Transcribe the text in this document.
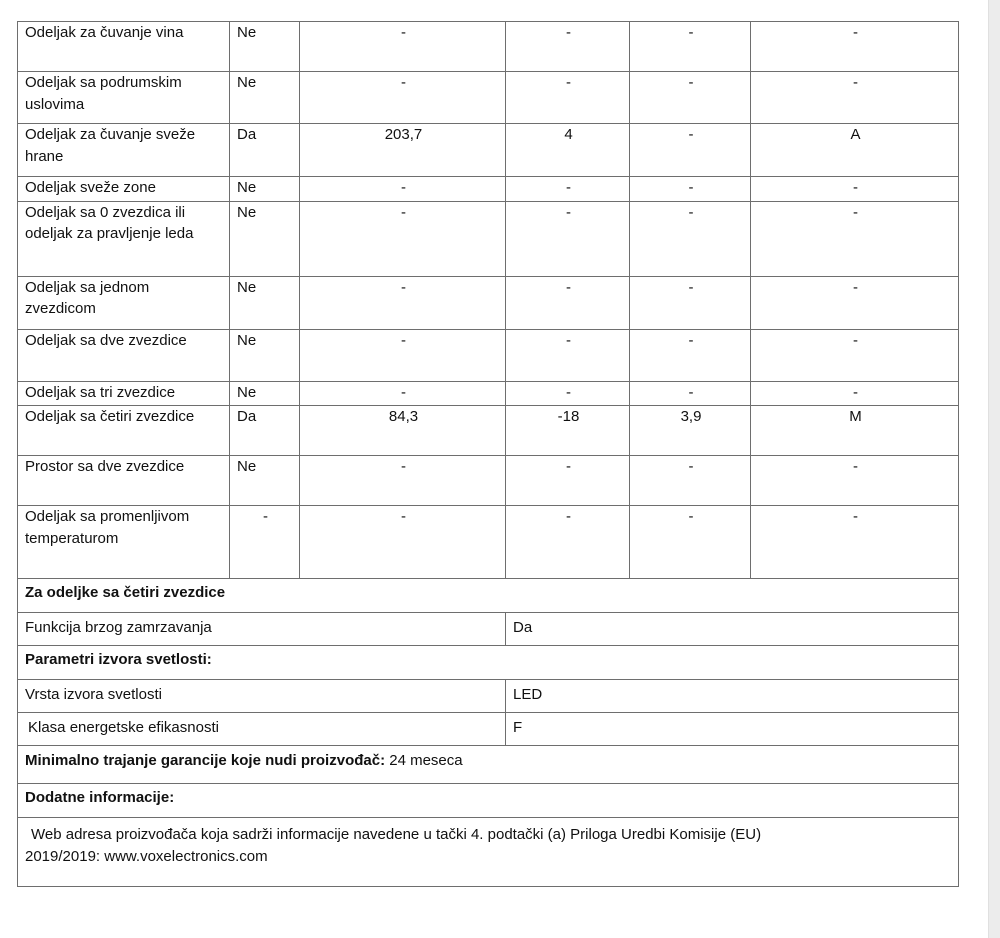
Odeljak za čuvanje vina	Ne	-	-	-	-
Odeljak sa podrumskim uslovima	Ne	-	-	-	-
Odeljak za čuvanje sveže hrane	Da	203,7	4	-	A
Odeljak sveže zone	Ne	-	-	-	-
Odeljak sa 0 zvezdica ili odeljak za pravljenje leda	Ne	-	-	-	-
Odeljak sa jednom zvezdicom	Ne	-	-	-	-
Odeljak sa dve zvezdice	Ne	-	-	-	-
Odeljak sa tri zvezdice	Ne	-	-	-	-
Odeljak sa četiri zvezdice	Da	84,3	-18	3,9	M
Prostor sa dve zvezdice	Ne	-	-	-	-
Odeljak sa promenljivom temperaturom	-	-	-	-	-
Za odeljke sa četiri zvezdice					
Funkcija brzog zamrzavanja			Da		
Parametri izvora svetlosti:					
Vrsta izvora svetlosti			LED		
Klasa energetske efikasnosti			F		
Minimalno trajanje garancije koje nudi proizvođač: 24 meseca					
Dodatne informacije:					

Web adresa proizvođača koja sadrži informacije navedene u tački 4. podtački (a) Priloga Uredbi Komisije (EU)
2019/2019: www.voxelectronics.com					
